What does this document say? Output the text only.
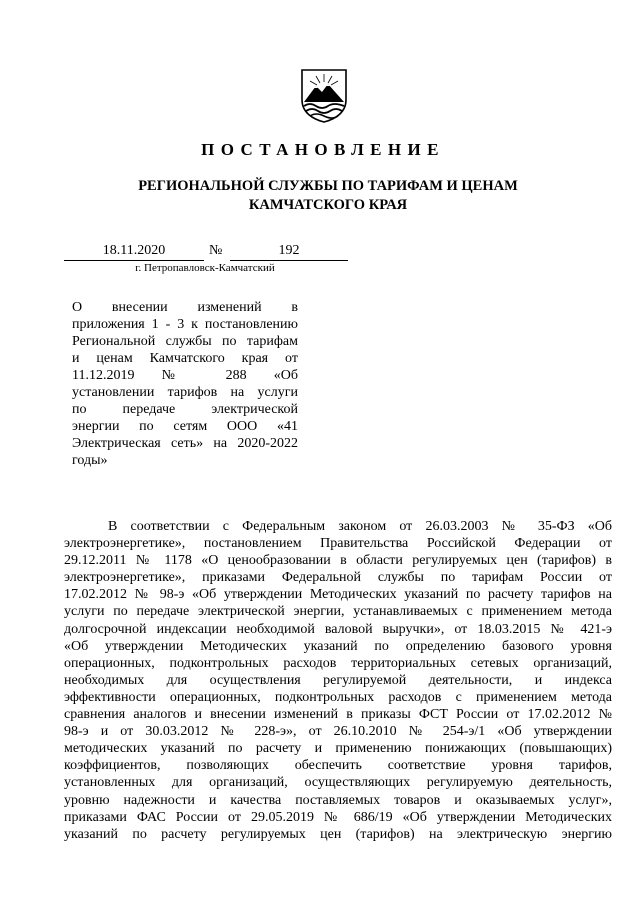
ПОСТАНОВЛЕНИЕ
РЕГИОНАЛЬНОЙ СЛУЖБЫ ПО ТАРИФАМ И ЦЕНАМ
КАМЧАТСКОГО КРАЯ
18.11.2020	№	192
г. Петропавловск-Камчатский
О внесении изменений в
приложения 1 - 3 к постановлению
Региональной службы по тарифам
и ценам Камчатского края от
11.12.2019 № 288 «Об
установлении тарифов на услуги
по передаче электрической
энергии по сетям ООО «41
Электрическая сеть» на 2020-2022
годы»
В соответствии с Федеральным законом от 26.03.2003 № 35-ФЗ «Об
электроэнергетике», постановлением Правительства Российской Федерации от
29.12.2011 № 1178 «О ценообразовании в области регулируемых цен (тарифов) в
электроэнергетике», приказами Федеральной службы по тарифам России от
17.02.2012 № 98-э «Об утверждении Методических указаний по расчету тарифов на
услуги по передаче электрической энергии, устанавливаемых с применением метода
долгосрочной индексации необходимой валовой выручки», от 18.03.2015 № 421-э
«Об утверждении Методических указаний по определению базового уровня
операционных, подконтрольных расходов территориальных сетевых организаций,
необходимых для осуществления регулируемой деятельности, и индекса
эффективности операционных, подконтрольных расходов с применением метода
сравнения аналогов и внесении изменений в приказы ФСТ России от 17.02.2012 №
98-э и от 30.03.2012 № 228-э», от 26.10.2010 № 254-э/1 «Об утверждении
методических указаний по расчету и применению понижающих (повышающих)
коэффициентов, позволяющих обеспечить соответствие уровня тарифов,
установленных для организаций, осуществляющих регулируемую деятельность,
уровню надежности и качества поставляемых товаров и оказываемых услуг»,
приказами ФАС России от 29.05.2019 № 686/19 «Об утверждении Методических
указаний по расчету регулируемых цен (тарифов) на электрическую энергию
